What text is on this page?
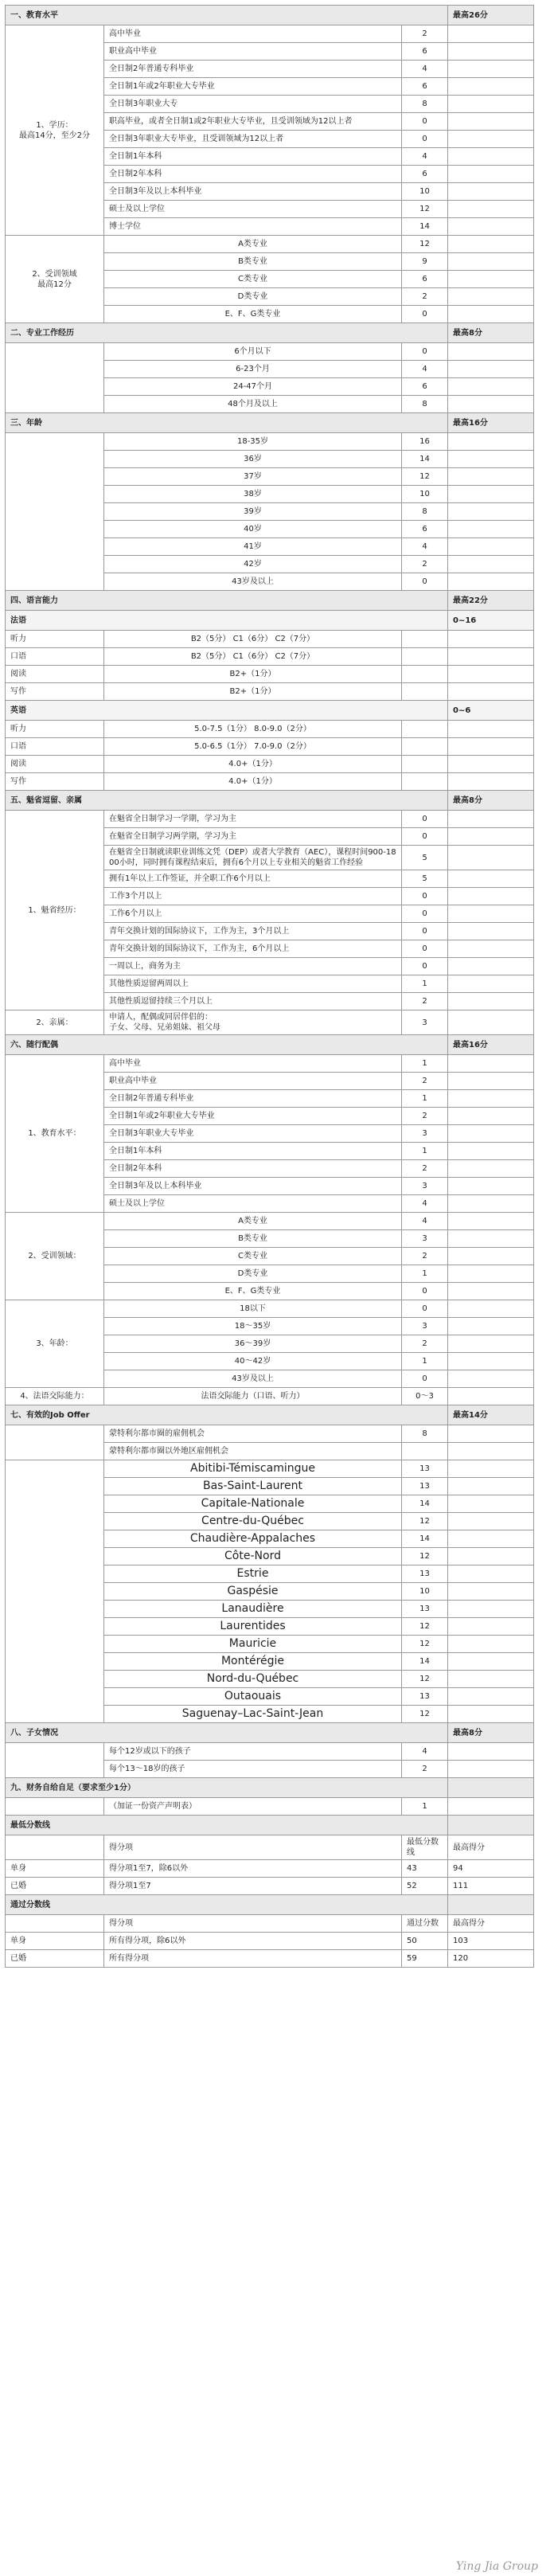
一、教育水平			最高26分
1、学历：
最高14分，至少2分	高中毕业	2	
	职业高中毕业	6	
	全日制2年普通专科毕业	4	
	全日制1年或2年职业大专毕业	6	
	全日制3年职业大专	8	
	职高毕业，或者全日制1或2年职业大专毕业，且受训领域为12以上者	0	
	全日制3年职业大专毕业，且受训领域为12以上者	0	
	全日制1年本科	4	
	全日制2年本科	6	
	全日制3年及以上本科毕业	10	
	硕士及以上学位	12	
	博士学位	14	
2、受训领域
最高12分	A类专业	12	
	B类专业	9	
	C类专业	6	
	D类专业	2	
	E、F、G类专业	0	
二、专业工作经历			最高8分
	6个月以下	0	
	6-23个月	4	
	24-47个月	6	
	48个月及以上	8	
三、年龄			最高16分
	18-35岁	16	
	36岁	14	
	37岁	12	
	38岁	10	
	39岁	8	
	40岁	6	
	41岁	4	
	42岁	2	
	43岁及以上	0	
四、语言能力			最高22分
法语			0~16
听力	B2（5分） C1（6分） C2（7分）		
口语	B2（5分） C1（6分） C2（7分）		
阅读	B2+（1分）		
写作	B2+（1分）		
英语			0~6
听力	5.0-7.5（1分） 8.0-9.0（2分）		
口语	5.0-6.5（1分） 7.0-9.0（2分）		
阅读	4.0+（1分）		
写作	4.0+（1分）		
五、魁省逗留、亲属			最高8分
1、魁省经历：	在魁省全日制学习一学期，学习为主	0	
	在魁省全日制学习两学期，学习为主	0	
	在魁省全日制就读职业训练文凭（DEP）或者大学教育（AEC），课程时间900-1800小时，同时拥有课程结束后，拥有6个月以上专业相关的魁省工作经验	5	
	拥有1年以上工作签证，并全职工作6个月以上	5	
	工作3个月以上	0	
	工作6个月以上	0	
	青年交换计划的国际协议下，工作为主，3个月以上	0	
	青年交换计划的国际协议下，工作为主，6个月以上	0	
	一周以上，商务为主	0	
	其他性质逗留两周以上	1	
	其他性质逗留持续三个月以上	2	
2、亲属：	申请人，配偶或同居伴侣的：
子女、父母、兄弟姐妹、祖父母	3	
六、随行配偶			最高16分
1、教育水平：	高中毕业	1	
	职业高中毕业	2	
	全日制2年普通专科毕业	1	
	全日制1年或2年职业大专毕业	2	
	全日制3年职业大专毕业	3	
	全日制1年本科	1	
	全日制2年本科	2	
	全日制3年及以上本科毕业	3	
	硕士及以上学位	4	
2、受训领域：	A类专业	4	
	B类专业	3	
	C类专业	2	
	D类专业	1	
	E、F、G类专业	0	
3、年龄：	18以下	0	
	18～35岁	3	
	36～39岁	2	
	40～42岁	1	
	43岁及以上	0	
4、法语交际能力：	法语交际能力（口语、听力）	0～3	
七、有效的Job Offer			最高14分
	蒙特利尔都市圈的雇佣机会	8	
	蒙特利尔都市圈以外地区雇佣机会		
	Abitibi-Témiscamingue	13	
	Bas-Saint-Laurent	13	
	Capitale-Nationale	14	
	Centre-du-Québec	12	
	Chaudière-Appalaches	14	
	Côte-Nord	12	
	Estrie	13	
	Gaspésie	10	
	Lanaudière	13	
	Laurentides	12	
	Mauricie	12	
	Montérégie	14	
	Nord-du-Québec	12	
	Outaouais	13	
	Saguenay–Lac-Saint-Jean	12	
八、子女情况			最高8分
	每个12岁或以下的孩子	4	
	每个13～18岁的孩子	2	
九、财务自给自足（要求至少1分）			
	（加证一份资产声明表）	1	
最低分数线			
	得分项	最低分数线	最高得分
单身	得分项1至7，除6以外	43	94
已婚	得分项1至7	52	111
通过分数线			
	得分项	通过分数	最高得分
单身	所有得分项，除6以外	50	103
已婚	所有得分项	59	120
Ying Jia Group
